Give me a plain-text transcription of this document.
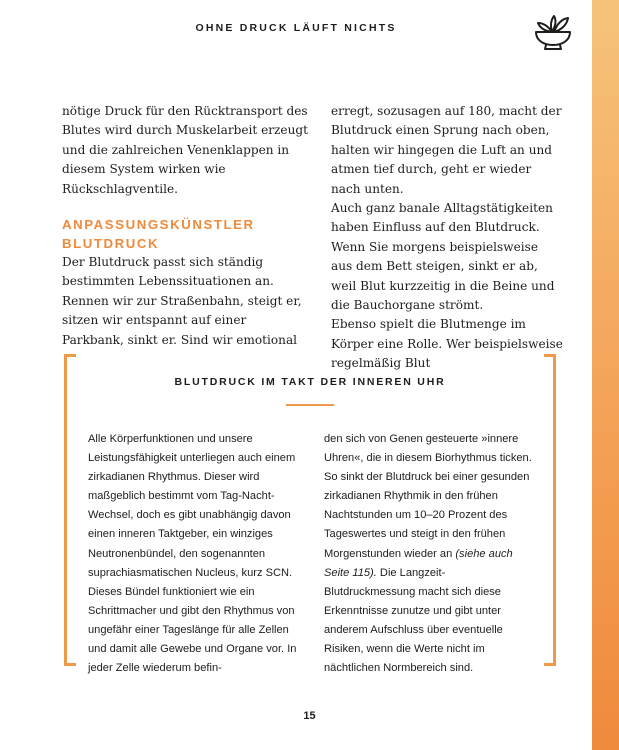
OHNE DRUCK LÄUFT NICHTS

nötige Druck für den Rücktransport des Blutes wird durch Muskelarbeit erzeugt und die zahlreichen Venenklappen in diesem System wirken wie Rückschlagventile.

ANPASSUNGSKÜNSTLER BLUTDRUCK

Der Blutdruck passt sich ständig bestimmten Lebenssituationen an. Rennen wir zur Straßenbahn, steigt er, sitzen wir entspannt auf einer Parkbank, sinkt er. Sind wir emotional

erregt, sozusagen auf 180, macht der Blutdruck einen Sprung nach oben, halten wir hingegen die Luft an und atmen tief durch, geht er wieder nach unten.

Auch ganz banale Alltagstätigkeiten haben Einfluss auf den Blutdruck. Wenn Sie morgens beispielsweise aus dem Bett steigen, sinkt er ab, weil Blut kurzzeitig in die Beine und die Bauchorgane strömt.

Ebenso spielt die Blutmenge im Körper eine Rolle. Wer beispielsweise regelmäßig Blut

BLUTDRUCK IM TAKT DER INNEREN UHR

Alle Körperfunktionen und unsere Leistungsfähigkeit unterliegen auch einem zirkadianen Rhythmus. Dieser wird maßgeblich bestimmt vom Tag-Nacht-Wechsel, doch es gibt unabhängig davon einen inneren Taktgeber, ein winziges Neutronenbündel, den sogenannten suprachiasmatischen Nucleus, kurz SCN. Dieses Bündel funktioniert wie ein Schrittmacher und gibt den Rhythmus von ungefähr einer Tageslänge für alle Zellen und damit alle Gewebe und Organe vor. In jeder Zelle wiederum befin-

den sich von Genen gesteuerte »innere Uhren«, die in diesem Biorhythmus ticken.

So sinkt der Blutdruck bei einer gesunden zirkadianen Rhythmik in den frühen Nachtstunden um 10–20 Prozent des Tageswertes und steigt in den frühen Morgenstunden wieder an (siehe auch Seite 115). Die Langzeit-Blutdruckmessung macht sich diese Erkenntnisse zunutze und gibt unter anderem Aufschluss über eventuelle Risiken, wenn die Werte nicht im nächtlichen Normbereich sind.

15
